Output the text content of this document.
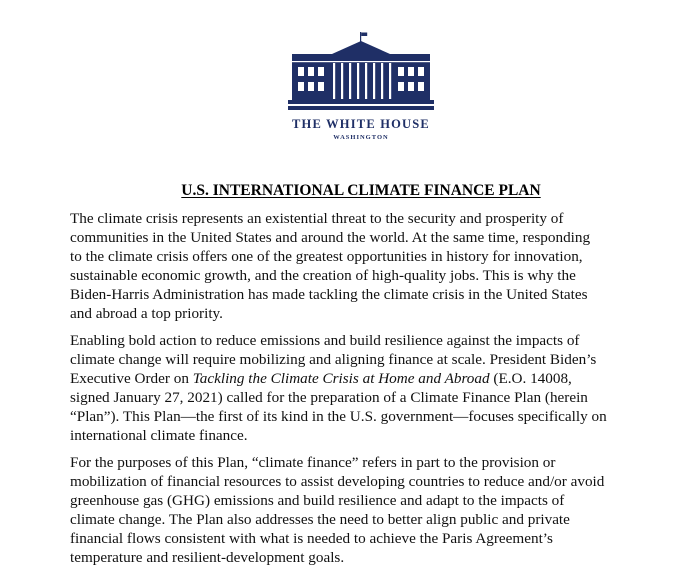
THE WHITE HOUSE
WASHINGTON
U.S. INTERNATIONAL CLIMATE FINANCE PLAN

The climate crisis represents an existential threat to the security and prosperity of
communities in the United States and around the world. At the same time, responding
to the climate crisis offers one of the greatest opportunities in history for innovation,
sustainable economic growth, and the creation of high-quality jobs. This is why the
Biden-Harris Administration has made tackling the climate crisis in the United States
and abroad a top priority.

Enabling bold action to reduce emissions and build resilience against the impacts of
climate change will require mobilizing and aligning finance at scale. President Biden’s
Executive Order on Tackling the Climate Crisis at Home and Abroad (E.O. 14008,
signed January 27, 2021) called for the preparation of a Climate Finance Plan (herein
“Plan”). This Plan—the first of its kind in the U.S. government—focuses specifically on
international climate finance.

For the purposes of this Plan, “climate finance” refers in part to the provision or
mobilization of financial resources to assist developing countries to reduce and/or avoid
greenhouse gas (GHG) emissions and build resilience and adapt to the impacts of
climate change. The Plan also addresses the need to better align public and private
financial flows consistent with what is needed to achieve the Paris Agreement’s
temperature and resilient-development goals.
